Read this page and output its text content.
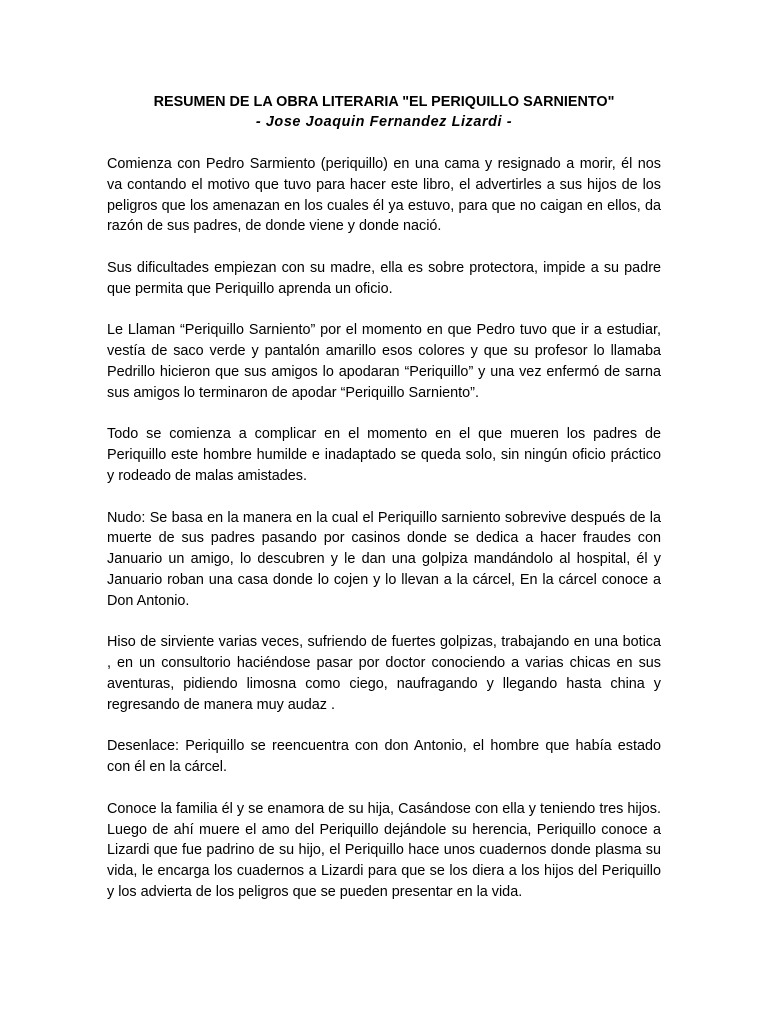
RESUMEN DE LA OBRA LITERARIA "EL PERIQUILLO SARNIENTO"
- Jose Joaquin Fernandez Lizardi -

Comienza con Pedro Sarmiento (periquillo) en una cama y resignado a morir, él nos va contando el motivo que tuvo para hacer este libro, el advertirles a sus hijos de los peligros que los amenazan en los cuales él ya estuvo, para que no caigan en ellos, da razón de sus padres, de donde viene y donde nació.

Sus dificultades empiezan con su madre, ella es sobre protectora, impide a su padre que permita que Periquillo aprenda un oficio.

Le Llaman “Periquillo Sarniento” por el momento en que Pedro tuvo que ir a estudiar, vestía de saco verde y pantalón amarillo esos colores y que su profesor lo llamaba Pedrillo hicieron que sus amigos lo apodaran “Periquillo” y una vez enfermó de sarna sus amigos lo terminaron de apodar “Periquillo Sarniento”.

Todo se comienza a complicar en el momento en el que mueren los padres de Periquillo este hombre humilde e inadaptado se queda solo, sin ningún oficio práctico y rodeado de malas amistades.

Nudo: Se basa en la manera en la cual el Periquillo sarniento sobrevive después de la muerte de sus padres pasando por casinos donde se dedica a hacer fraudes con Januario un amigo, lo descubren y le dan una golpiza mandándolo al hospital, él y Januario roban una casa donde lo cojen y lo llevan a la cárcel, En la cárcel conoce a Don Antonio.

Hiso de sirviente varias veces, sufriendo de fuertes golpizas, trabajando en una botica , en un consultorio haciéndose pasar por doctor conociendo a varias chicas en sus aventuras, pidiendo limosna como ciego, naufragando y llegando hasta china y regresando de manera muy audaz .

Desenlace: Periquillo se reencuentra con don Antonio, el hombre que había estado con él en la cárcel.

Conoce la familia él y se enamora de su hija, Casándose con ella y teniendo tres hijos. Luego de ahí muere el amo del Periquillo dejándole su herencia, Periquillo conoce a Lizardi que fue padrino de su hijo, el Periquillo hace unos cuadernos donde plasma su vida, le encarga los cuadernos a Lizardi para que se los diera a los hijos del Periquillo y los advierta de los peligros que se pueden presentar en la vida.
